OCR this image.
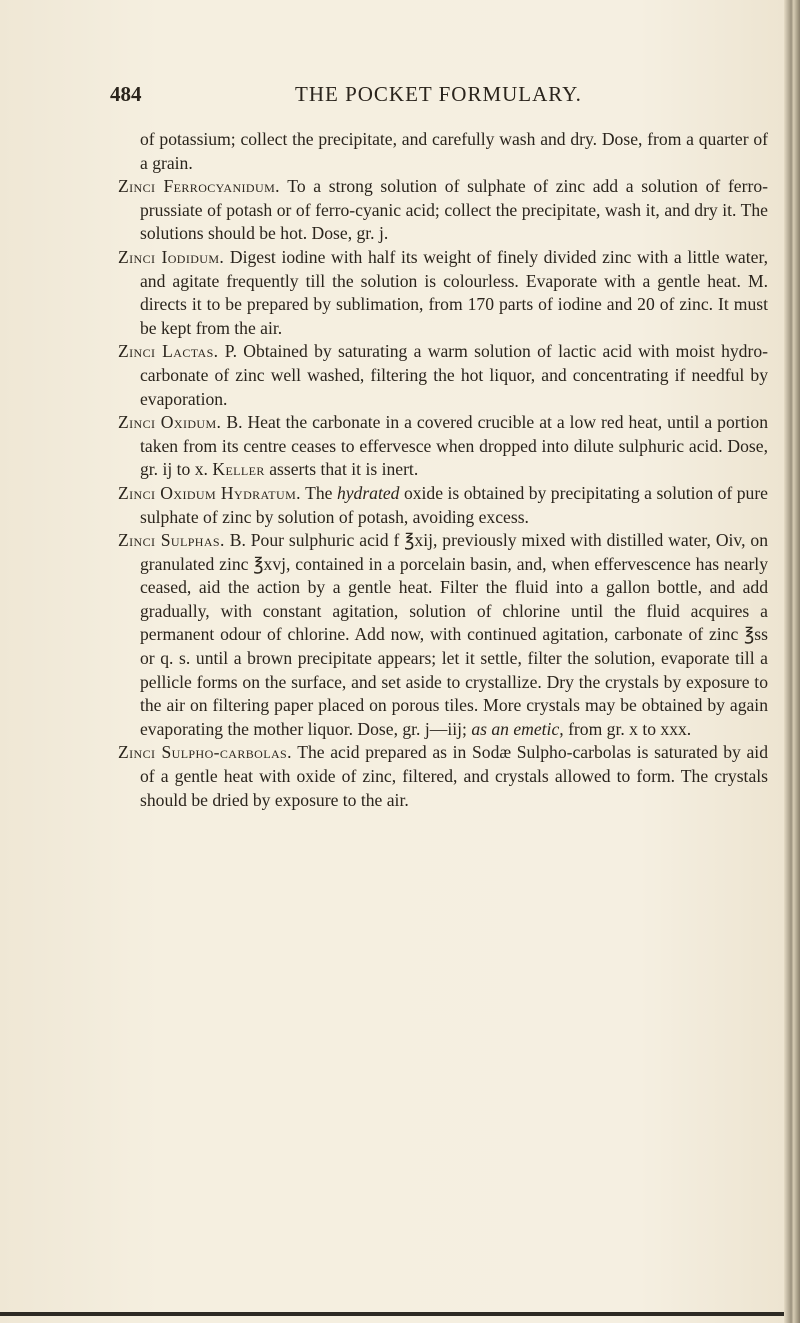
484	THE POCKET FORMULARY.

of potassium; collect the precipitate, and carefully wash and dry. Dose, from a quarter of a grain.

Zinci Ferrocyanidum. To a strong solution of sulphate of zinc add a solution of ferro-prussiate of potash or of ferro-cyanic acid; collect the precipitate, wash it, and dry it. The solutions should be hot. Dose, gr. j.

Zinci Iodidum. Digest iodine with half its weight of finely divided zinc with a little water, and agitate frequently till the solution is colourless. Evaporate with a gentle heat. M. directs it to be prepared by sublimation, from 170 parts of iodine and 20 of zinc. It must be kept from the air.

Zinci Lactas. P. Obtained by saturating a warm solution of lactic acid with moist hydro-carbonate of zinc well washed, filtering the hot liquor, and concentrating if needful by evaporation.

Zinci Oxidum. B. Heat the carbonate in a covered crucible at a low red heat, until a portion taken from its centre ceases to effervesce when dropped into dilute sulphuric acid. Dose, gr. ij to x. Keller asserts that it is inert.

Zinci Oxidum Hydratum. The hydrated oxide is obtained by precipitating a solution of pure sulphate of zinc by solution of potash, avoiding excess.

Zinci Sulphas. B. Pour sulphuric acid f ℥xij, previously mixed with distilled water, Oiv, on granulated zinc ℥xvj, contained in a porcelain basin, and, when effervescence has nearly ceased, aid the action by a gentle heat. Filter the fluid into a gallon bottle, and add gradually, with constant agitation, solution of chlorine until the fluid acquires a permanent odour of chlorine. Add now, with continued agitation, carbonate of zinc ℥ss or q. s. until a brown precipitate appears; let it settle, filter the solution, evaporate till a pellicle forms on the surface, and set aside to crystallize. Dry the crystals by exposure to the air on filtering paper placed on porous tiles. More crystals may be obtained by again evaporating the mother liquor. Dose, gr. j—iij; as an emetic, from gr. x to xxx.

Zinci Sulpho-carbolas. The acid prepared as in Sodæ Sulpho-carbolas is saturated by aid of a gentle heat with oxide of zinc, filtered, and crystals allowed to form. The crystals should be dried by exposure to the air.
